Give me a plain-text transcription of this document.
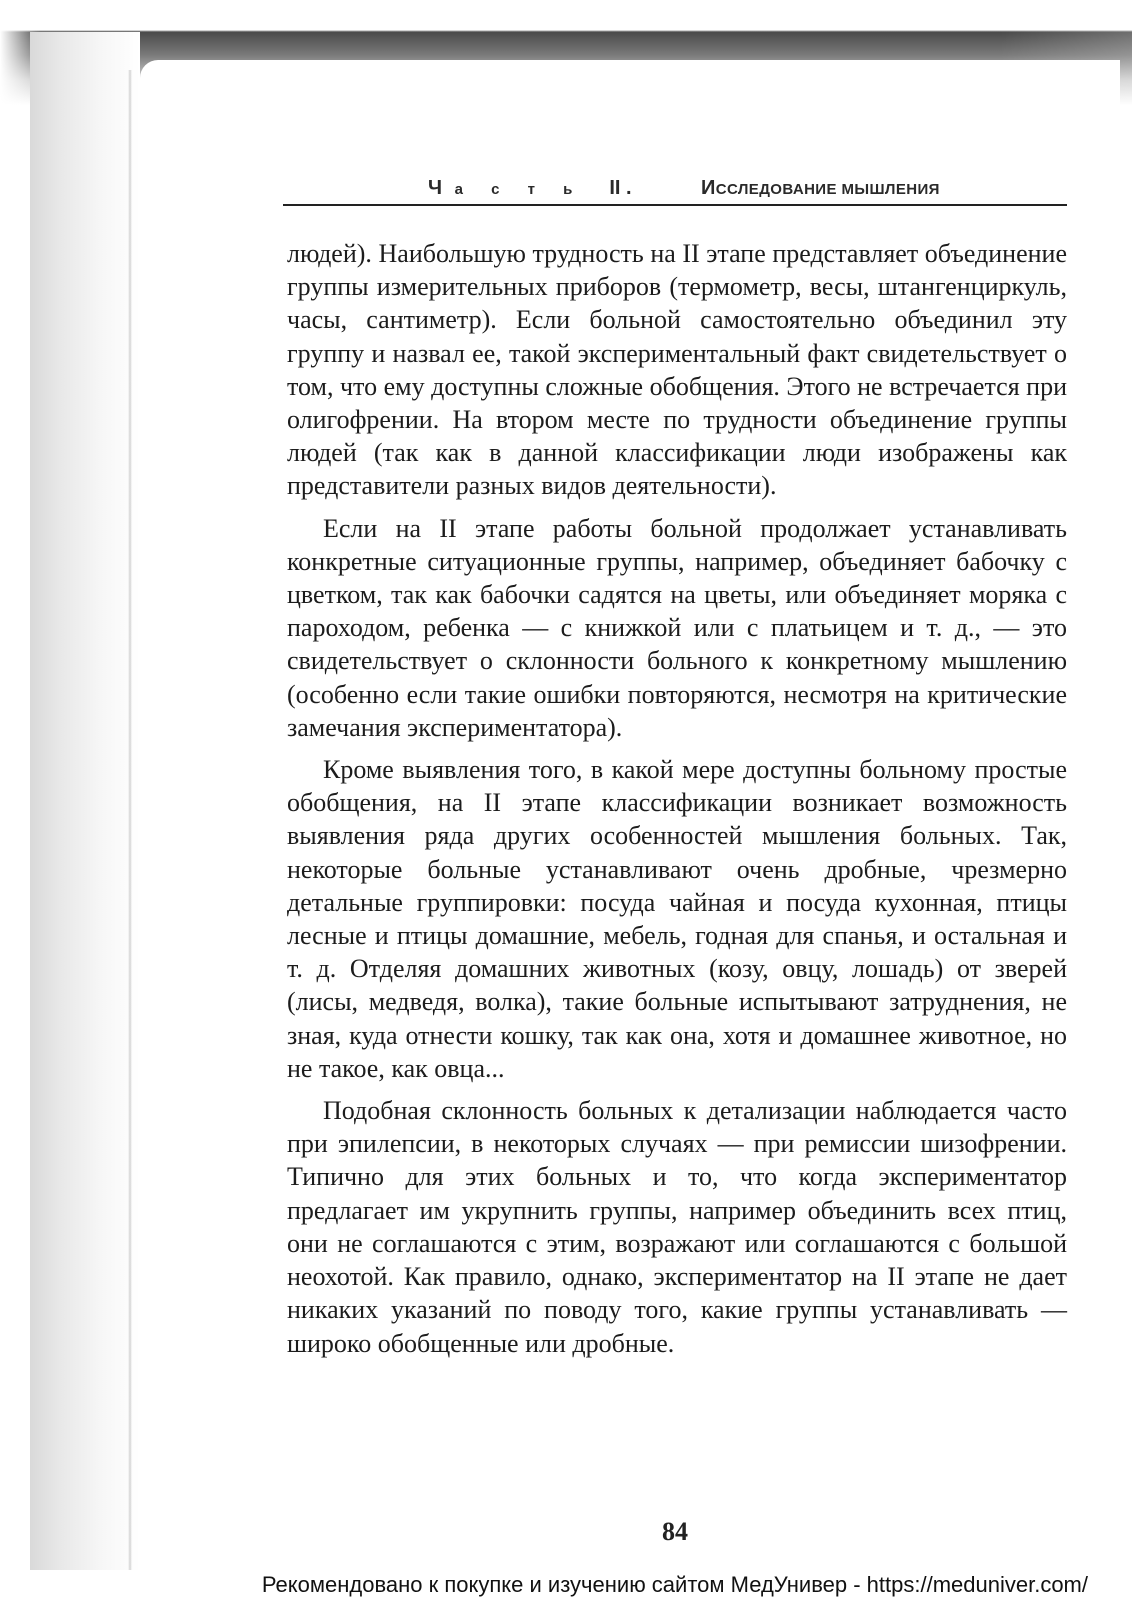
Ч а с т ь II .	ИССЛЕДОВАНИЕ МЫШЛЕНИЯ

людей). Наибольшую трудность на II этапе представляет объединение группы измерительных приборов (термометр, весы, штангенциркуль, часы, сантиметр). Если больной самостоятельно объединил эту группу и назвал ее, такой экспериментальный факт свидетельствует о том, что ему доступны сложные обобщения. Этого не встречается при олигофрении. На втором месте по трудности объединение группы людей (так как в данной классификации люди изображены как представители разных видов деятельности).

Если на II этапе работы больной продолжает устанавливать конкретные ситуационные группы, например, объединяет бабочку с цветком, так как бабочки садятся на цветы, или объединяет моряка с пароходом, ребенка — с книжкой или с платьицем и т. д., — это свидетельствует о склонности больного к конкретному мышлению (особенно если такие ошибки повторяются, несмотря на критические замечания экспериментатора).

Кроме выявления того, в какой мере доступны больному простые обобщения, на II этапе классификации возникает возможность выявления ряда других особенностей мышления больных. Так, некоторые больные устанавливают очень дробные, чрезмерно детальные группировки: посуда чайная и посуда кухонная, птицы лесные и птицы домашние, мебель, годная для спанья, и остальная и т. д. Отделяя домашних животных (козу, овцу, лошадь) от зверей (лисы, медведя, волка), такие больные испытывают затруднения, не зная, куда отнести кошку, так как она, хотя и домашнее животное, но не такое, как овца...

Подобная склонность больных к детализации наблюдается часто при эпилепсии, в некоторых случаях — при ремиссии шизофрении. Типично для этих больных и то, что когда экспериментатор предлагает им укрупнить группы, например объединить всех птиц, они не соглашаются с этим, возражают или соглашаются с большой неохотой. Как правило, однако, экспериментатор на II этапе не дает никаких указаний по поводу того, какие группы устанавливать — широко обобщенные или дробные.

84
Рекомендовано к покупке и изучению сайтом МедУнивер - https://meduniver.com/
